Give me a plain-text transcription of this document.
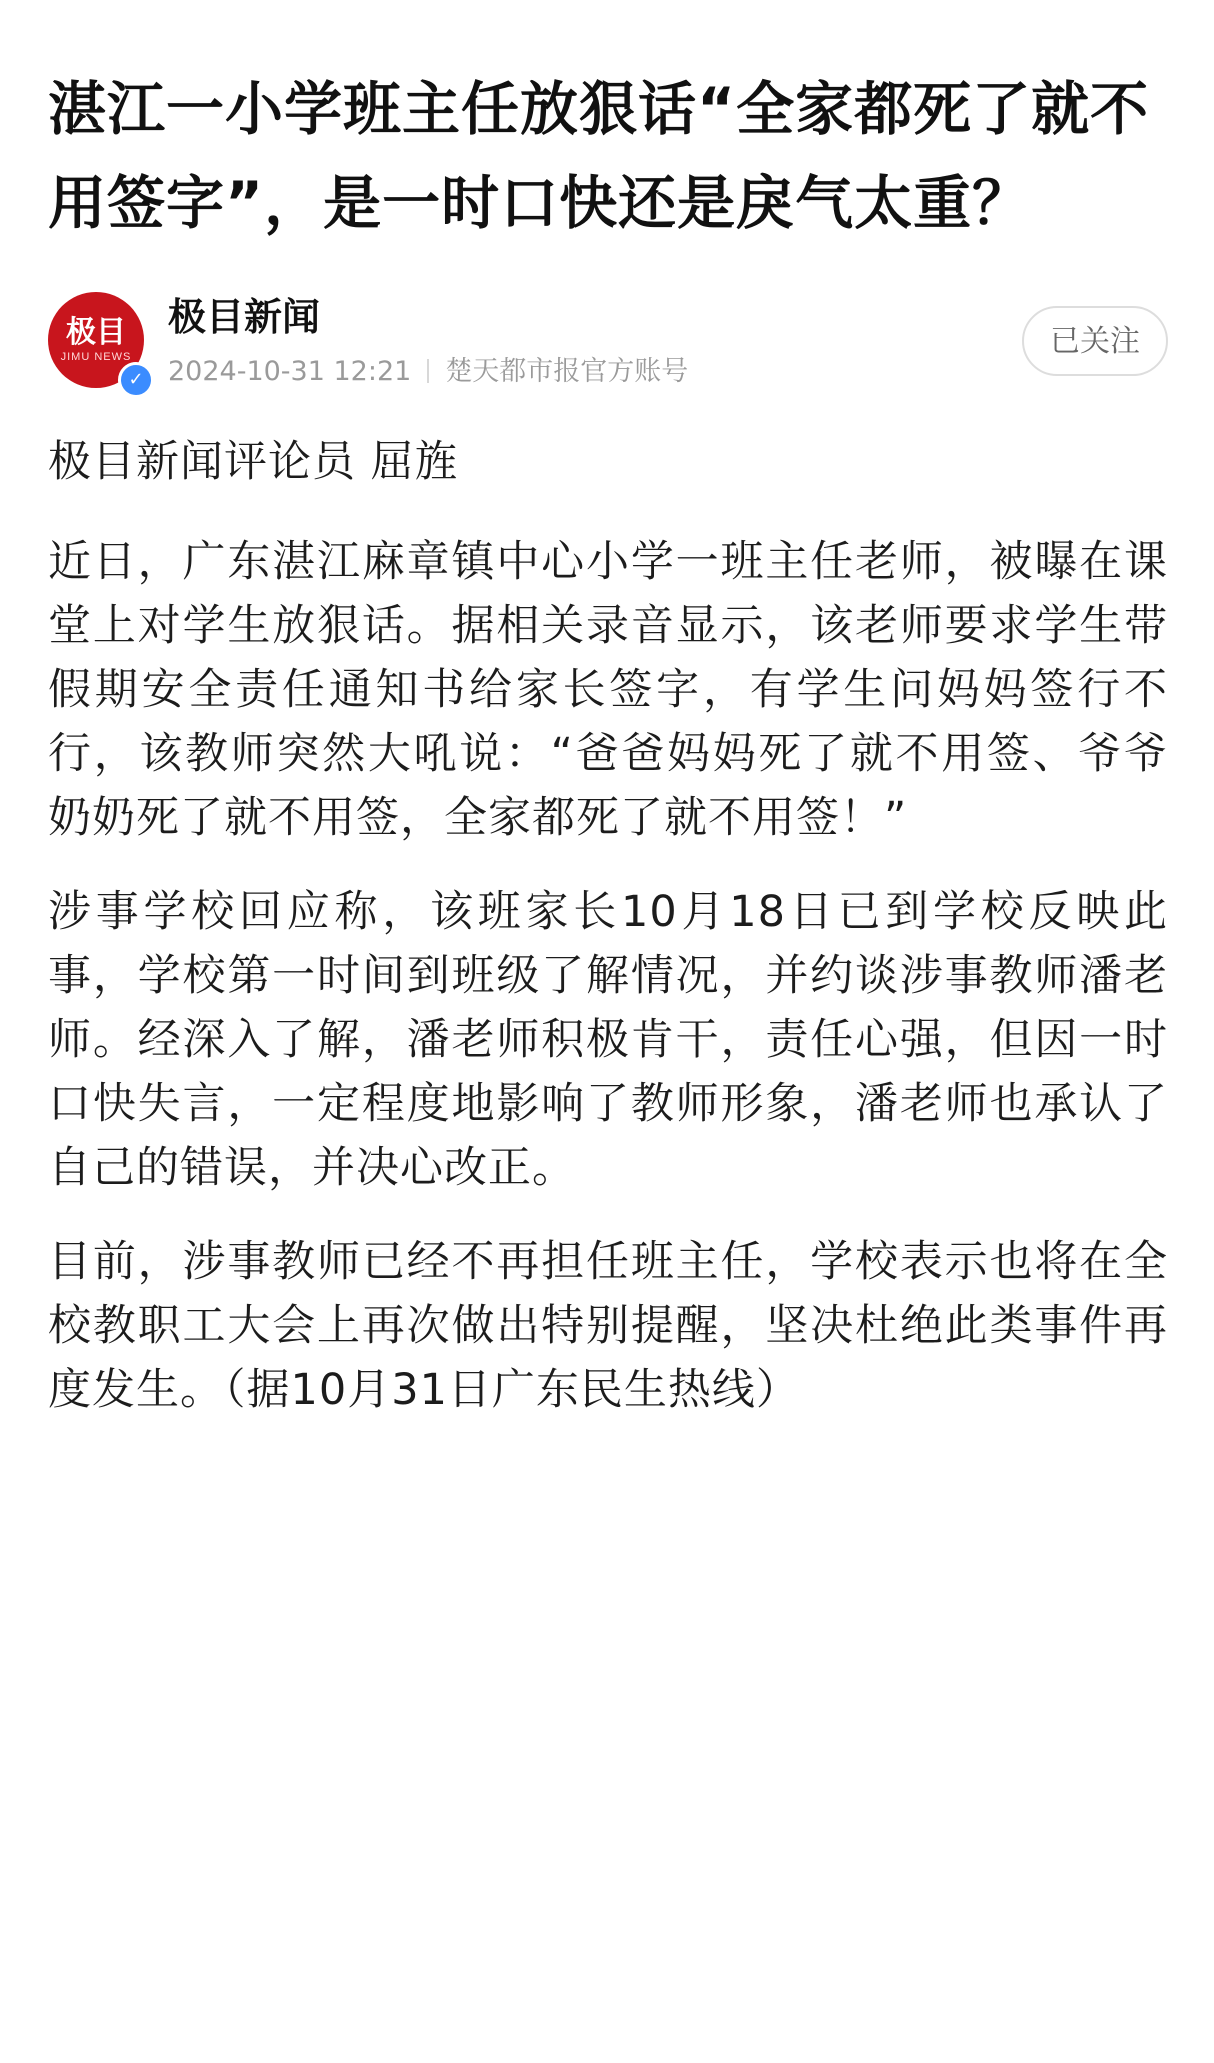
湛江一小学班主任放狠话“全家都死了就不用签字”，是一时口快还是戾气太重？
极目
JIMU NEWS
✓
极目新闻
2024-10-31 12:21 楚天都市报官方账号
已关注

极目新闻评论员 屈旌

近日，广东湛江麻章镇中心小学一班主任老师，被曝在课堂上对学生放狠话。据相关录音显示，该老师要求学生带假期安全责任通知书给家长签字，有学生问妈妈签行不行，该教师突然大吼说：“爸爸妈妈死了就不用签、爷爷奶奶死了就不用签，全家都死了就不用签！”

涉事学校回应称，该班家长10月18日已到学校反映此事，学校第一时间到班级了解情况，并约谈涉事教师潘老师。经深入了解，潘老师积极肯干，责任心强，但因一时口快失言，一定程度地影响了教师形象，潘老师也承认了自己的错误，并决心改正。

目前，涉事教师已经不再担任班主任，学校表示也将在全校教职工大会上再次做出特别提醒，坚决杜绝此类事件再度发生。（据10月31日广东民生热线）
